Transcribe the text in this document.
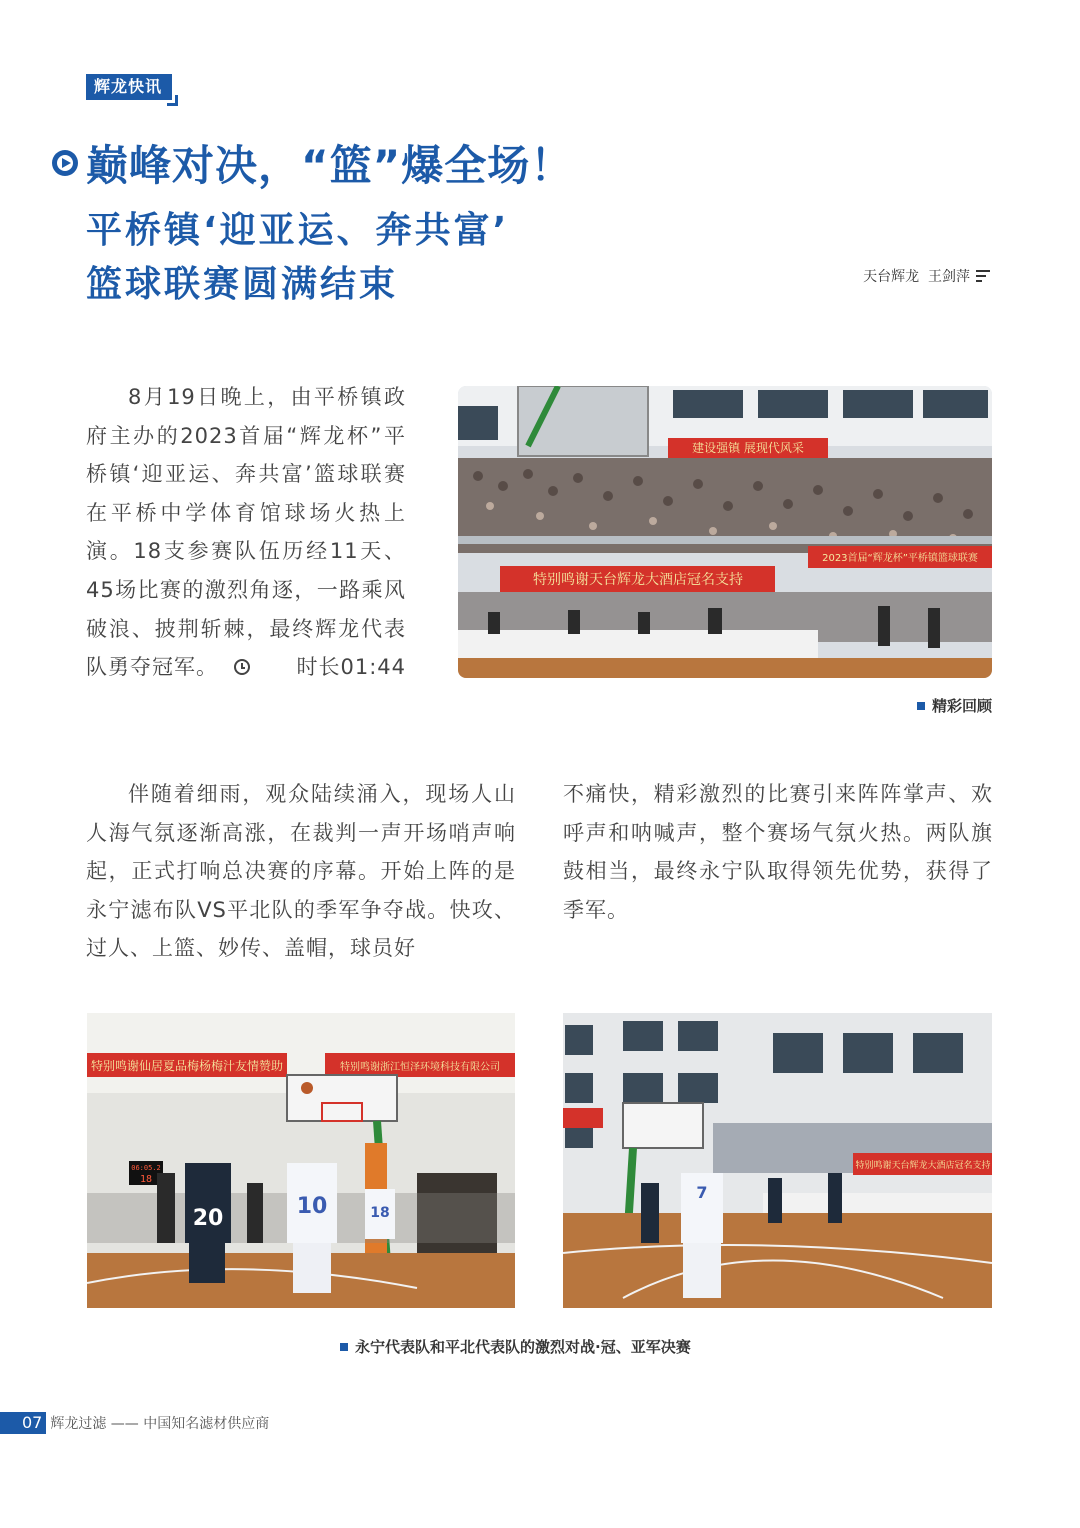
辉龙快讯
巅峰对决，“篮”爆全场！
平桥镇‘迎亚运、奔共富’
篮球联赛圆满结束	天台辉龙  王剑萍
8月19日晚上，由平桥镇政府主办的2023首届“辉龙杯”平桥镇‘迎亚运、奔共富’篮球联赛在平桥中学体育馆球场火热上演。18支参赛队伍历经11天、45场比赛的激烈角逐，一路乘风破浪、披荆斩棘，最终辉龙代表队勇夺冠军。	时长01:44
建设强镇 展现代风采
2023首届“辉龙杯”平桥镇篮球联赛
特别鸣谢天台辉龙大酒店冠名支持
精彩回顾
伴随着细雨，观众陆续涌入，现场人山人海气氛逐渐高涨，在裁判一声开场哨声响起，正式打响总决赛的序幕。开始上阵的是永宁滤布队VS平北队的季军争夺战。快攻、过人、上篮、妙传、盖帽，球员好
不痛快，精彩激烈的比赛引来阵阵掌声、欢呼声和呐喊声，整个赛场气氛火热。两队旗鼓相当，最终永宁队取得领先优势，获得了季军。
特别鸣谢仙居夏品梅杨梅汁友情赞助	特别鸣谢浙江恒泽环境科技有限公司
06:05.2
18
20	10	18
特别鸣谢天台辉龙大酒店冠名支持
7
永宁代表队和平北代表队的激烈对战·冠、亚军决赛
07 辉龙过滤 —— 中国知名滤材供应商
